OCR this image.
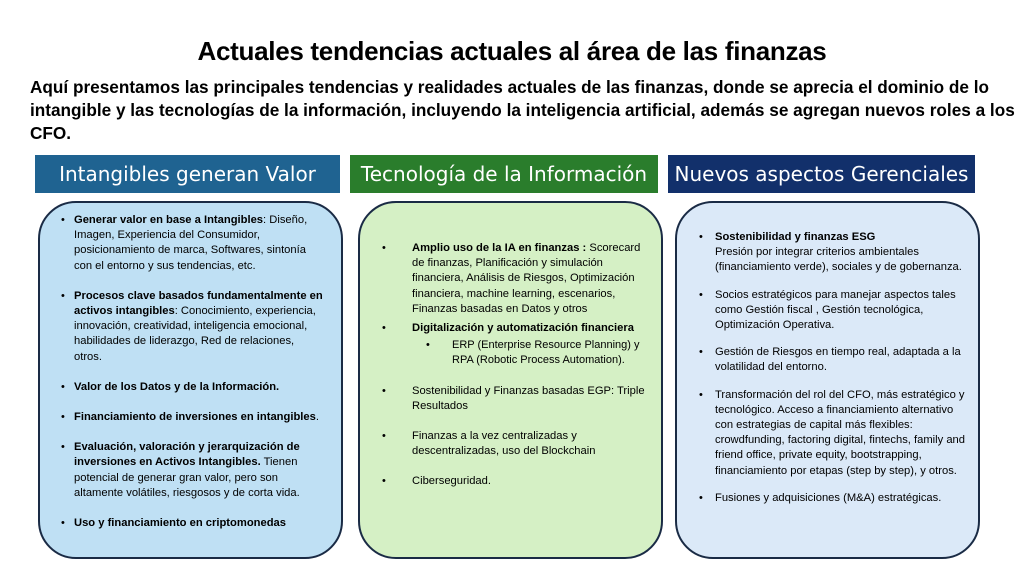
Actuales tendencias actuales al área de las finanzas
Aquí presentamos las principales tendencias y realidades actuales de las finanzas, donde se aprecia el dominio de lo intangible y las tecnologías de la información, incluyendo la inteligencia artificial, además se agregan nuevos roles a los CFO.
Intangibles generan Valor	Tecnología de la Información	Nuevos aspectos Gerenciales
• Generar valor en base a Intangibles: Diseño, Imagen, Experiencia del Consumidor, posicionamiento de marca, Softwares, sintonía con el entorno y sus tendencias, etc.
• Procesos clave basados fundamentalmente en activos intangibles: Conocimiento, experiencia, innovación, creatividad, inteligencia emocional, habilidades de liderazgo, Red de relaciones, otros.
• Valor de los Datos y de la Información.
• Financiamiento de inversiones en intangibles.
• Evaluación, valoración y jerarquización de inversiones en Activos Intangibles. Tienen potencial de generar gran valor, pero son altamente volátiles, riesgosos y de corta vida.
• Uso y financiamiento en criptomonedas
• Amplio uso de la IA en finanzas : Scorecard de finanzas, Planificación y simulación financiera, Análisis de Riesgos, Optimización financiera, machine learning, escenarios, Finanzas basadas en Datos y otros
• Digitalización y automatización financiera
• ERP (Enterprise Resource Planning) y RPA (Robotic Process Automation).
• Sostenibilidad y Finanzas basadas EGP: Triple Resultados
• Finanzas a la vez centralizadas y descentralizadas, uso del Blockchain
• Ciberseguridad.
• Sostenibilidad y finanzas ESG
Presión por integrar criterios ambientales (financiamiento verde), sociales y de gobernanza.
• Socios estratégicos para manejar aspectos tales como Gestión fiscal , Gestión tecnológica, Optimización Operativa.
• Gestión de Riesgos en tiempo real, adaptada a la volatilidad del entorno.
• Transformación del rol del CFO, más estratégico y tecnológico. Acceso a financiamiento alternativo con estrategias de capital más flexibles: crowdfunding, factoring digital, fintechs, family and friend office, private equity, bootstrapping, financiamiento por etapas (step by step), y otros.
• Fusiones y adquisiciones (M&A) estratégicas.
